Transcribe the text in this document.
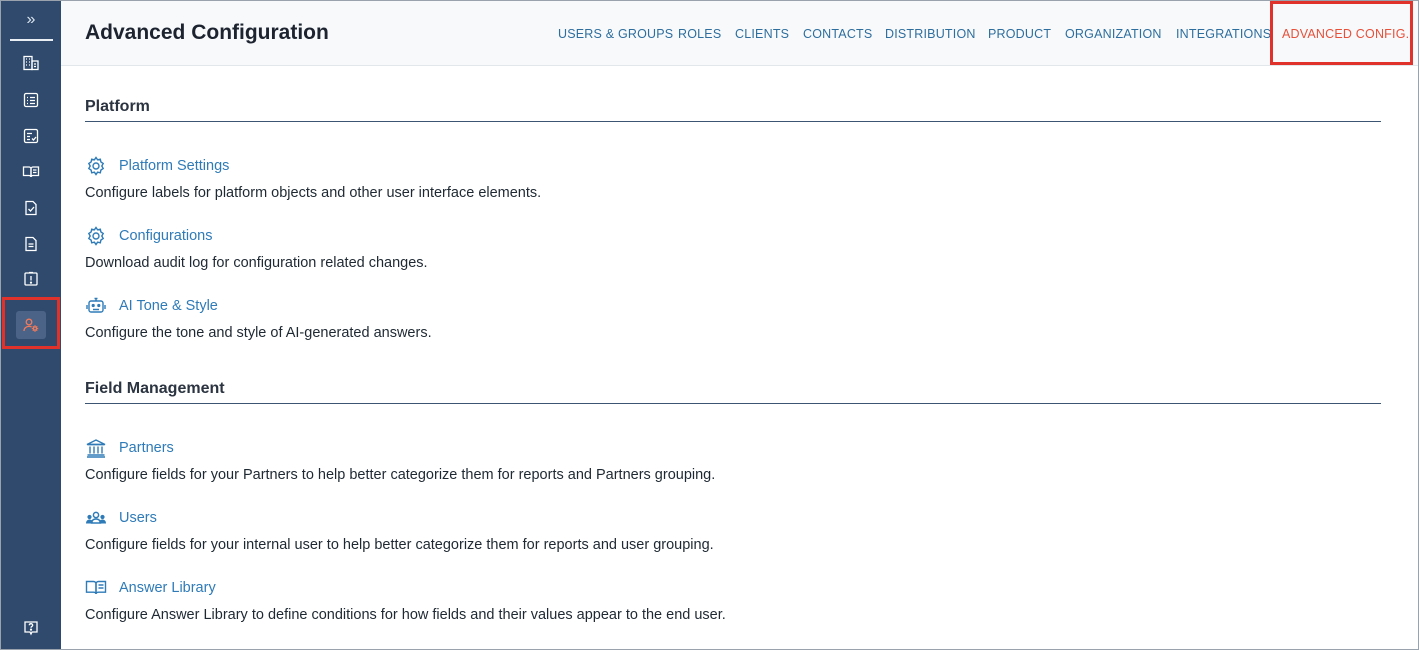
»
Advanced Configuration	USERS & GROUPS ROLES CLIENTS CONTACTS DISTRIBUTION PRODUCT ORGANIZATION INTEGRATIONS ADVANCED CONFIG.
Platform
Platform Settings
Configure labels for platform objects and other user interface elements.
Configurations
Download audit log for configuration related changes.
AI Tone & Style
Configure the tone and style of AI-generated answers.
Field Management
Partners
Configure fields for your Partners to help better categorize them for reports and Partners grouping.
Users
Configure fields for your internal user to help better categorize them for reports and user grouping.
Answer Library
Configure Answer Library to define conditions for how fields and their values appear to the end user.
